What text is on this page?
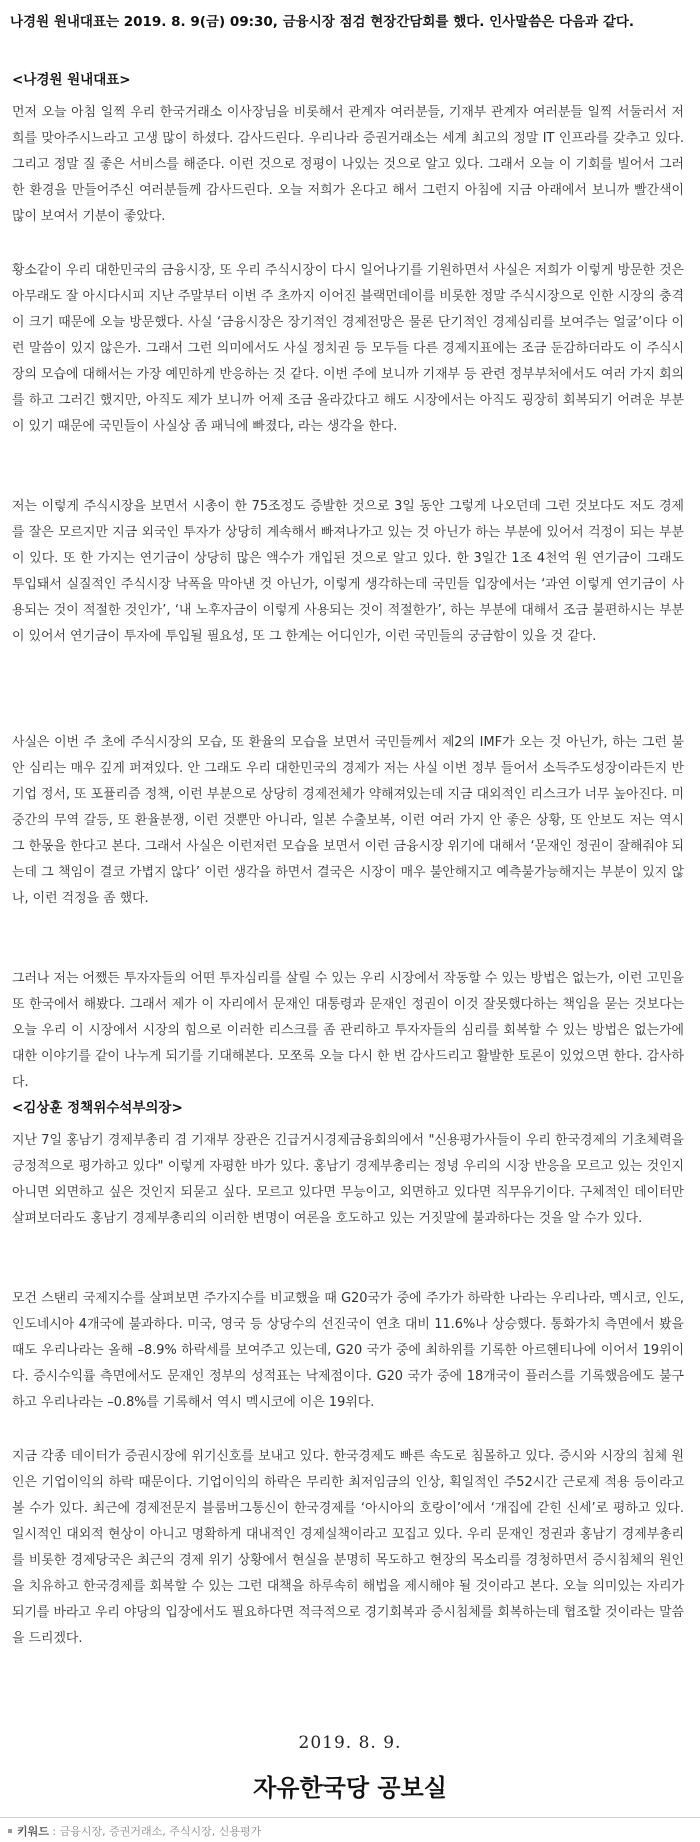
나경원 원내대표는 2019. 8. 9(금) 09:30, 금융시장 점검 현장간담회를 했다. 인사말씀은 다음과 같다.
<나경원 원내대표>

먼저 오늘 아침 일찍 우리 한국거래소 이사장님을 비롯해서 관계자 여러분들, 기재부 관계자 여러분들 일찍 서둘러서 저희를 맞아주시느라고 고생 많이 하셨다. 감사드린다. 우리나라 증권거래소는 세계 최고의 정말 IT 인프라를 갖추고 있다. 그리고 정말 질 좋은 서비스를 해준다. 이런 것으로 정평이 나있는 것으로 알고 있다. 그래서 오늘 이 기회를 빌어서 그러한 환경을 만들어주신 여러분들께 감사드린다. 오늘 저희가 온다고 해서 그런지 아침에 지금 아래에서 보니까 빨간색이 많이 보여서 기분이 좋았다.

황소같이 우리 대한민국의 금융시장, 또 우리 주식시장이 다시 일어나기를 기원하면서 사실은 저희가 이렇게 방문한 것은 아무래도 잘 아시다시피 지난 주말부터 이번 주 초까지 이어진 블랙먼데이를 비롯한 정말 주식시장으로 인한 시장의 충격이 크기 때문에 오늘 방문했다. 사실 ‘금융시장은 장기적인 경제전망은 물론 단기적인 경제심리를 보여주는 얼굴’이다 이런 말씀이 있지 않은가. 그래서 그런 의미에서도 사실 정치권 등 모두들 다른 경제지표에는 조금 둔감하더라도 이 주식시장의 모습에 대해서는 가장 예민하게 반응하는 것 같다. 이번 주에 보니까 기재부 등 관련 정부부처에서도 여러 가지 회의를 하고 그러긴 했지만, 아직도 제가 보니까 어제 조금 올라갔다고 해도 시장에서는 아직도 굉장히 회복되기 어려운 부분이 있기 때문에 국민들이 사실상 좀 패닉에 빠졌다, 라는 생각을 한다.

저는 이렇게 주식시장을 보면서 시총이 한 75조정도 증발한 것으로 3일 동안 그렇게 나오던데 그런 것보다도 저도 경제를 잘은 모르지만 지금 외국인 투자가 상당히 계속해서 빠져나가고 있는 것 아닌가 하는 부분에 있어서 걱정이 되는 부분이 있다. 또 한 가지는 연기금이 상당히 많은 액수가 개입된 것으로 알고 있다. 한 3일간 1조 4천억 원 연기금이 그래도 투입돼서 실질적인 주식시장 낙폭을 막아낸 것 아닌가, 이렇게 생각하는데 국민들 입장에서는 ‘과연 이렇게 연기금이 사용되는 것이 적절한 것인가’, ‘내 노후자금이 이렇게 사용되는 것이 적절한가’, 하는 부분에 대해서 조금 불편하시는 부분이 있어서 연기금이 투자에 투입될 필요성, 또 그 한계는 어디인가, 이런 국민들의 궁금함이 있을 것 같다.

사실은 이번 주 초에 주식시장의 모습, 또 환율의 모습을 보면서 국민들께서 제2의 IMF가 오는 것 아닌가, 하는 그런 불안 심리는 매우 깊게 퍼져있다. 안 그래도 우리 대한민국의 경제가 저는 사실 이번 정부 들어서 소득주도성장이라든지 반기업 정서, 또 포퓰리즘 정책, 이런 부분으로 상당히 경제전체가 약해져있는데 지금 대외적인 리스크가 너무 높아진다. 미중간의 무역 갈등, 또 환율분쟁, 이런 것뿐만 아니라, 일본 수출보복, 이런 여러 가지 안 좋은 상황, 또 안보도 저는 역시 그 한몫을 한다고 본다. 그래서 사실은 이런저런 모습을 보면서 이런 금융시장 위기에 대해서 ‘문재인 정권이 잘해줘야 되는데 그 책임이 결코 가볍지 않다’ 이런 생각을 하면서 결국은 시장이 매우 불안해지고 예측불가능해지는 부분이 있지 않나, 이런 걱정을 좀 했다.

그러나 저는 어쨌든 투자자들의 어떤 투자심리를 살릴 수 있는 우리 시장에서 작동할 수 있는 방법은 없는가, 이런 고민을 또 한국에서 해봤다. 그래서 제가 이 자리에서 문재인 대통령과 문재인 정권이 이것 잘못했다하는 책임을 묻는 것보다는 오늘 우리 이 시장에서 시장의 힘으로 이러한 리스크를 좀 관리하고 투자자들의 심리를 회복할 수 있는 방법은 없는가에 대한 이야기를 같이 나누게 되기를 기대해본다. 모쪼록 오늘 다시 한 번 감사드리고 활발한 토론이 있었으면 한다. 감사하다.

<김상훈 정책위수석부의장>

지난 7일 홍남기 경제부총리 겸 기재부 장관은 긴급거시경제금융회의에서 "신용평가사들이 우리 한국경제의 기초체력을 긍정적으로 평가하고 있다" 이렇게 자평한 바가 있다. 홍남기 경제부총리는 정녕 우리의 시장 반응을 모르고 있는 것인지 아니면 외면하고 싶은 것인지 되묻고 싶다. 모르고 있다면 무능이고, 외면하고 있다면 직무유기이다. 구체적인 데이터만 살펴보더라도 홍남기 경제부총리의 이러한 변명이 여론을 호도하고 있는 거짓말에 불과하다는 것을 알 수가 있다.

모건 스탠리 국제지수를 살펴보면 주가지수를 비교했을 때 G20국가 중에 주가가 하락한 나라는 우리나라, 멕시코, 인도, 인도네시아 4개국에 불과하다. 미국, 영국 등 상당수의 선진국이 연초 대비 11.6%나 상승했다. 통화가치 측면에서 봤을 때도 우리나라는 올해 –8.9% 하락세를 보여주고 있는데, G20 국가 중에 최하위를 기록한 아르헨티나에 이어서 19위이다. 증시수익률 측면에서도 문재인 정부의 성적표는 낙제점이다. G20 국가 중에 18개국이 플러스를 기록했음에도 불구하고 우리나라는 –0.8%를 기록해서 역시 멕시코에 이은 19위다.

지금 각종 데이터가 증권시장에 위기신호를 보내고 있다. 한국경제도 빠른 속도로 침몰하고 있다. 증시와 시장의 침체 원인은 기업이익의 하락 때문이다. 기업이익의 하락은 무리한 최저임금의 인상, 획일적인 주52시간 근로제 적용 등이라고 볼 수가 있다. 최근에 경제전문지 블룸버그통신이 한국경제를 ‘아시아의 호랑이’에서 ‘개집에 갇힌 신세’로 평하고 있다. 일시적인 대외적 현상이 아니고 명확하게 대내적인 경제실책이라고 꼬집고 있다. 우리 문재인 정권과 홍남기 경제부총리를 비롯한 경제당국은 최근의 경제 위기 상황에서 현실을 분명히 목도하고 현장의 목소리를 경청하면서 증시침체의 원인을 치유하고 한국경제를 회복할 수 있는 그런 대책을 하루속히 해법을 제시해야 될 것이라고 본다. 오늘 의미있는 자리가 되기를 바라고 우리 야당의 입장에서도 필요하다면 적극적으로 경기회복과 증시침체를 회복하는데 협조할 것이라는 말씀을 드리겠다.

2019. 8. 9.
자유한국당 공보실
키워드 : 금융시장, 증권거래소, 주식시장, 신용평가
